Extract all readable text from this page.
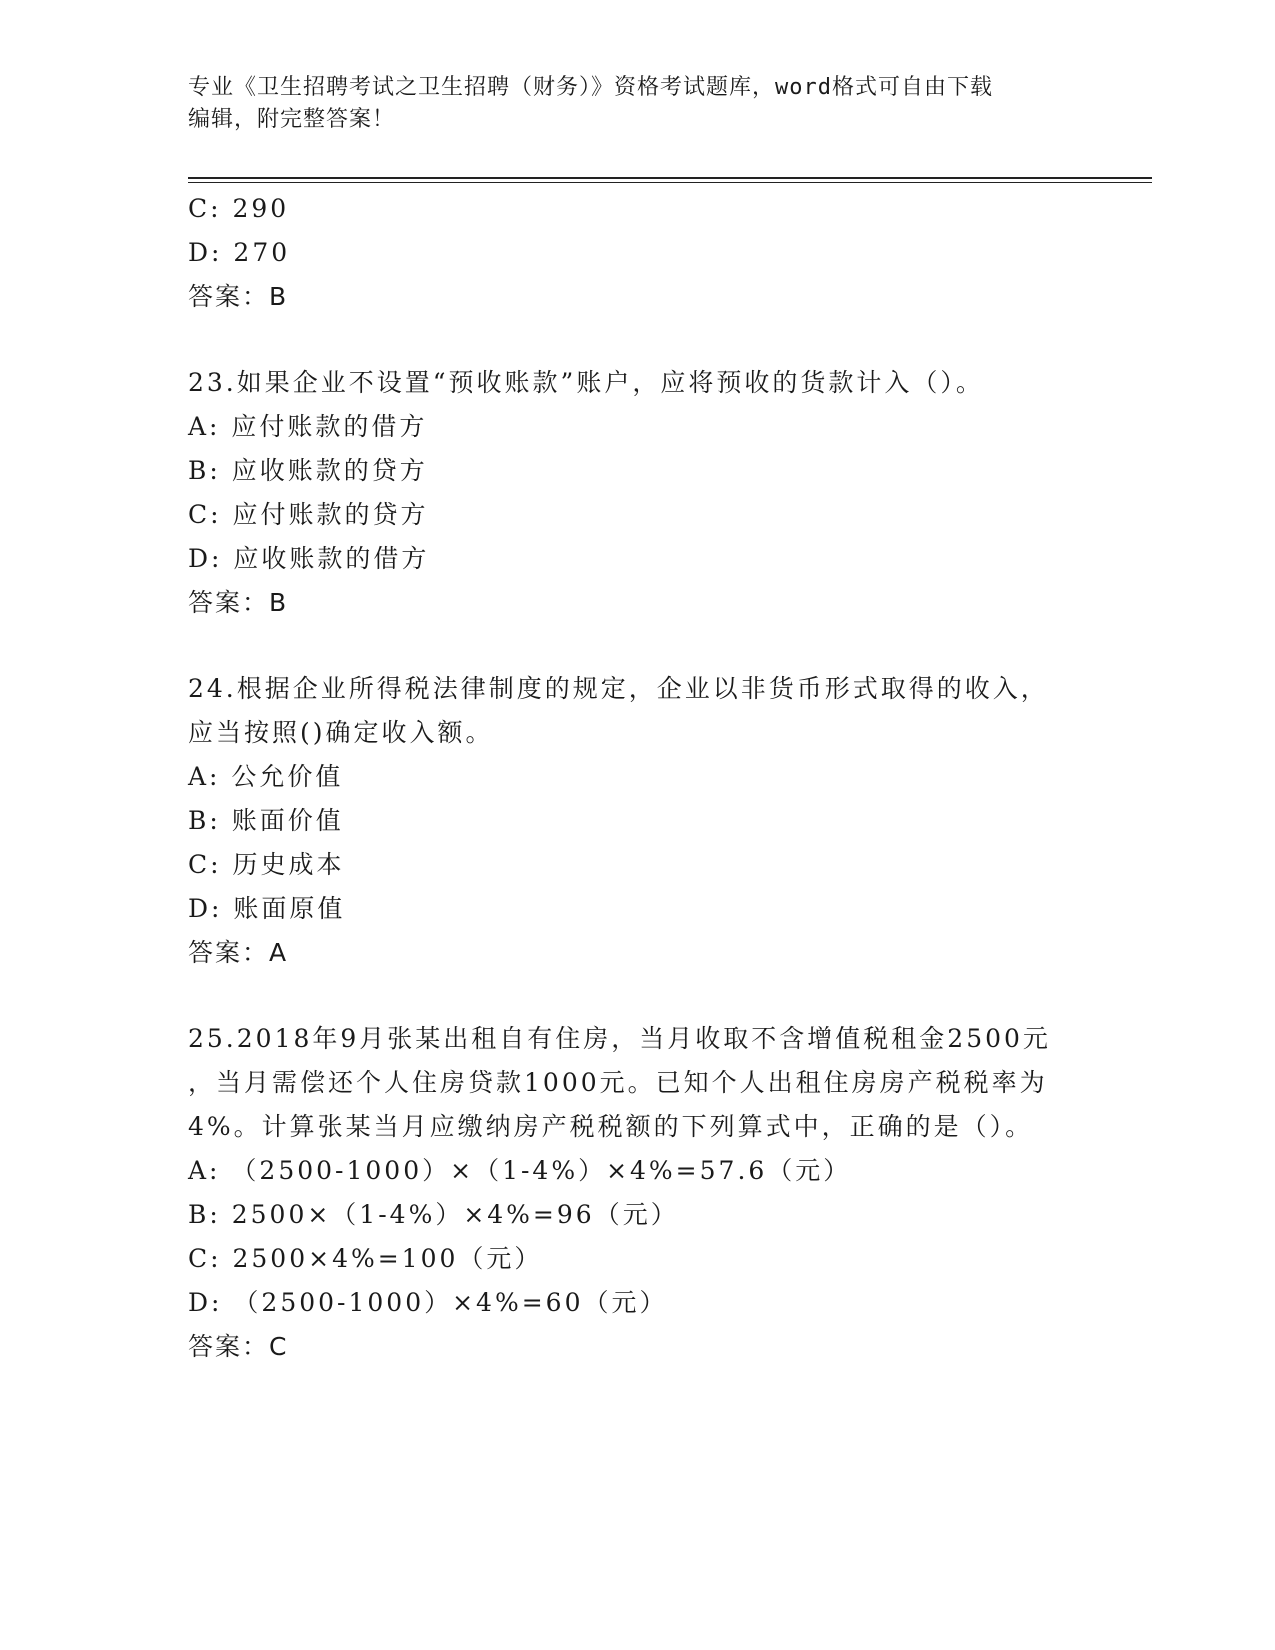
专业《卫生招聘考试之卫生招聘（财务）》资格考试题库，word格式可自由下载
编辑，附完整答案！
C: 290
D: 270
答案：B
23.如果企业不设置“预收账款”账户，应将预收的货款计入（）。
A: 应付账款的借方
B: 应收账款的贷方
C: 应付账款的贷方
D: 应收账款的借方
答案：B
24.根据企业所得税法律制度的规定，企业以非货币形式取得的收入，
应当按照()确定收入额。
A: 公允价值
B: 账面价值
C: 历史成本
D: 账面原值
答案：A
25.2018年9月张某出租自有住房，当月收取不含增值税租金2500元
，当月需偿还个人住房贷款1000元。已知个人出租住房房产税税率为
4%。计算张某当月应缴纳房产税税额的下列算式中，正确的是（）。
A: （2500-1000）×（1-4%）×4%=57.6（元）
B: 2500×（1-4%）×4%=96（元）
C: 2500×4%=100（元）
D: （2500-1000）×4%=60（元）
答案：C
